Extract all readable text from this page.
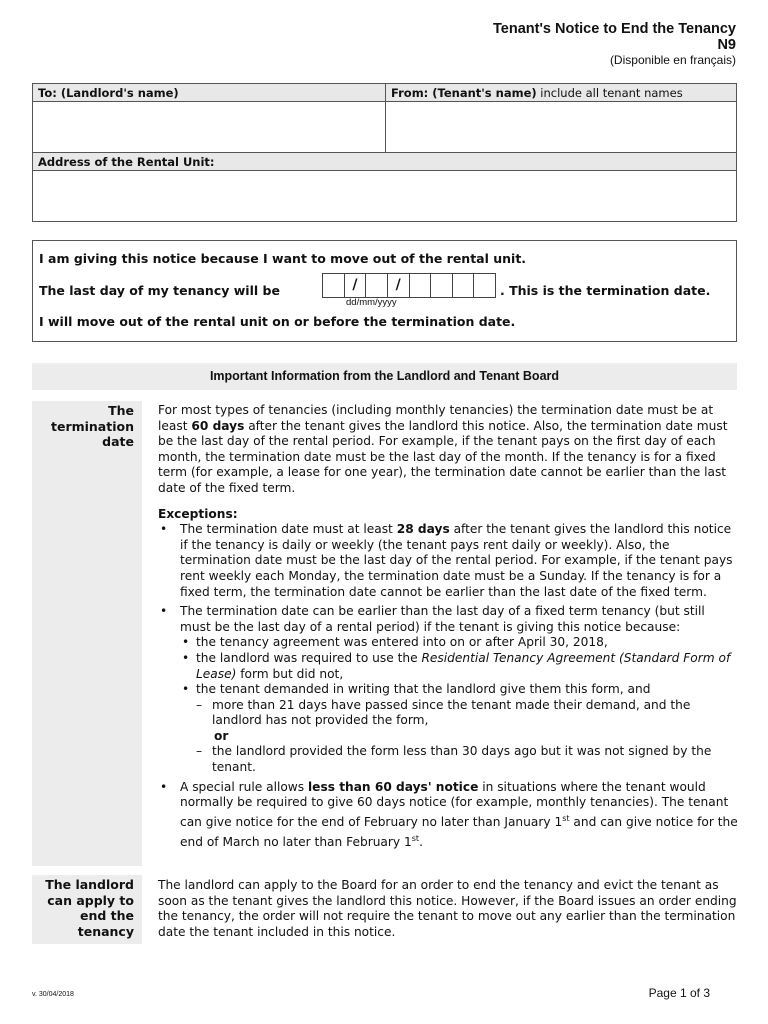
Tenant's Notice to End the Tenancy
N9
(Disponible en français)
To: (Landlord's name)	From: (Tenant's name) include all tenant names

Address of the Rental Unit:	

I am giving this notice because I want to move out of the rental unit.
The last day of my tenancy will be	/	/
dd/mm/yyyy
. This is the termination date.
I will move out of the rental unit on or before the termination date.
Important Information from the Landlord and Tenant Board
The termination date

For most types of tenancies (including monthly tenancies) the termination date must be at least 60 days after the tenant gives the landlord this notice. Also, the termination date must be the last day of the rental period. For example, if the tenant pays on the first day of each month, the termination date must be the last day of the month. If the tenancy is for a fixed term (for example, a lease for one year), the termination date cannot be earlier than the last date of the fixed term.

Exceptions:

• The termination date must at least 28 days after the tenant gives the landlord this notice if the tenancy is daily or weekly (the tenant pays rent daily or weekly). Also, the termination date must be the last day of the rental period. For example, if the tenant pays rent weekly each Monday, the termination date must be a Sunday. If the tenancy is for a fixed term, the termination date cannot be earlier than the last date of the fixed term.
• The termination date can be earlier than the last day of a fixed term tenancy (but still must be the last day of a rental period) if the tenant is giving this notice because:
• the tenancy agreement was entered into on or after April 30, 2018,
• the landlord was required to use the Residential Tenancy Agreement (Standard Form of Lease) form but did not,
• the tenant demanded in writing that the landlord give them this form, and
– more than 21 days have passed since the tenant made their demand, and the landlord has not provided the form,
or
– the landlord provided the form less than 30 days ago but it was not signed by the tenant.
• A special rule allows less than 60 days' notice in situations where the tenant would normally be required to give 60 days notice (for example, monthly tenancies). The tenant can give notice for the end of February no later than January 1st and can give notice for the end of March no later than February 1st.
The landlord can apply to end the tenancy
The landlord can apply to the Board for an order to end the tenancy and evict the tenant as soon as the tenant gives the landlord this notice. However, if the Board issues an order ending the tenancy, the order will not require the tenant to move out any earlier than the termination date the tenant included in this notice.
v. 30/04/2018	Page 1 of 3
